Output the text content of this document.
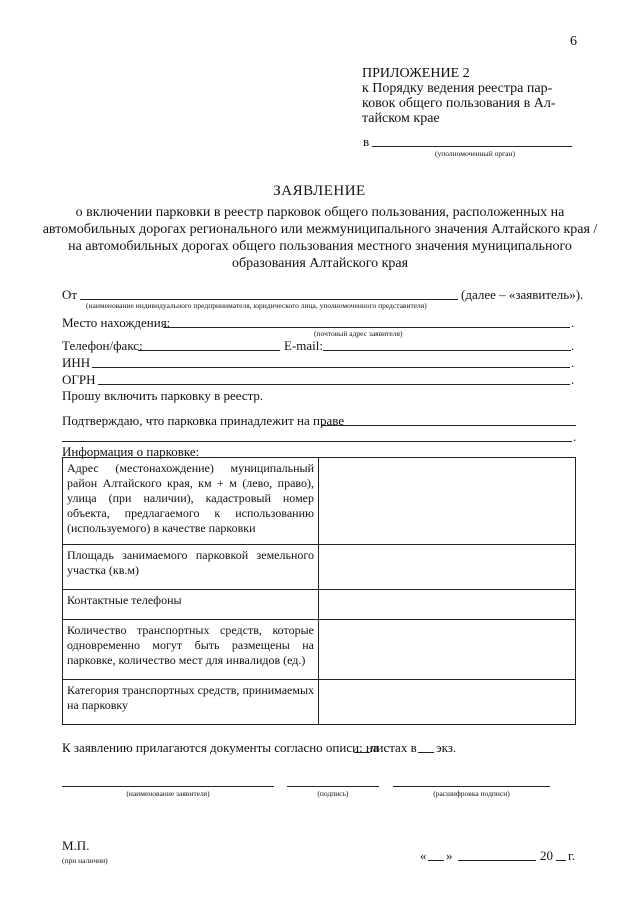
6
ПРИЛОЖЕНИЕ 2
к Порядку ведения реестра пар-
ковок общего пользования в Ал-
тайском крае
в
(уполномоченный орган)
ЗАЯВЛЕНИЕ
о включении парковки в реестр парковок общего пользования, расположенных на автомобильных дорогах регионального или межмуниципального значения Алтайского края / на автомобильных дорогах общего пользования местного значения муниципального образования Алтайского края
От	(далее – «заявитель»).
(наименование индивидуального предпринимателя, юридического лица, уполномоченного представителя)
Место нахождения:	.
(почтовый адрес заявителя)
Телефон/факс:	E-mail:	.
ИНН	.
ОГРН	.
Прошу включить парковку в реестр.
Подтверждаю, что парковка принадлежит на праве
.
Информация о парковке:
Адрес (местонахождение) муниципальный район Алтайского края, км + м (лево, право), улица (при наличии), кадастровый номер объекта, предлагаемого к использованию (используемого) в качестве парковки	
Площадь занимаемого парковкой земельного участка (кв.м)	
Контактные телефоны	
Количество транспортных средств, которые одновременно могут быть размещены на парковке, количество мест для инвалидов (ед.)	
Категория транспортных средств, принимаемых на парковку	
К заявлению прилагаются документы согласно описи: на
листах в экз.
(наименование заявителя)	(подпись)	(расшифровка подписи)
М.П.
(при наличии)	« »	20 г.
